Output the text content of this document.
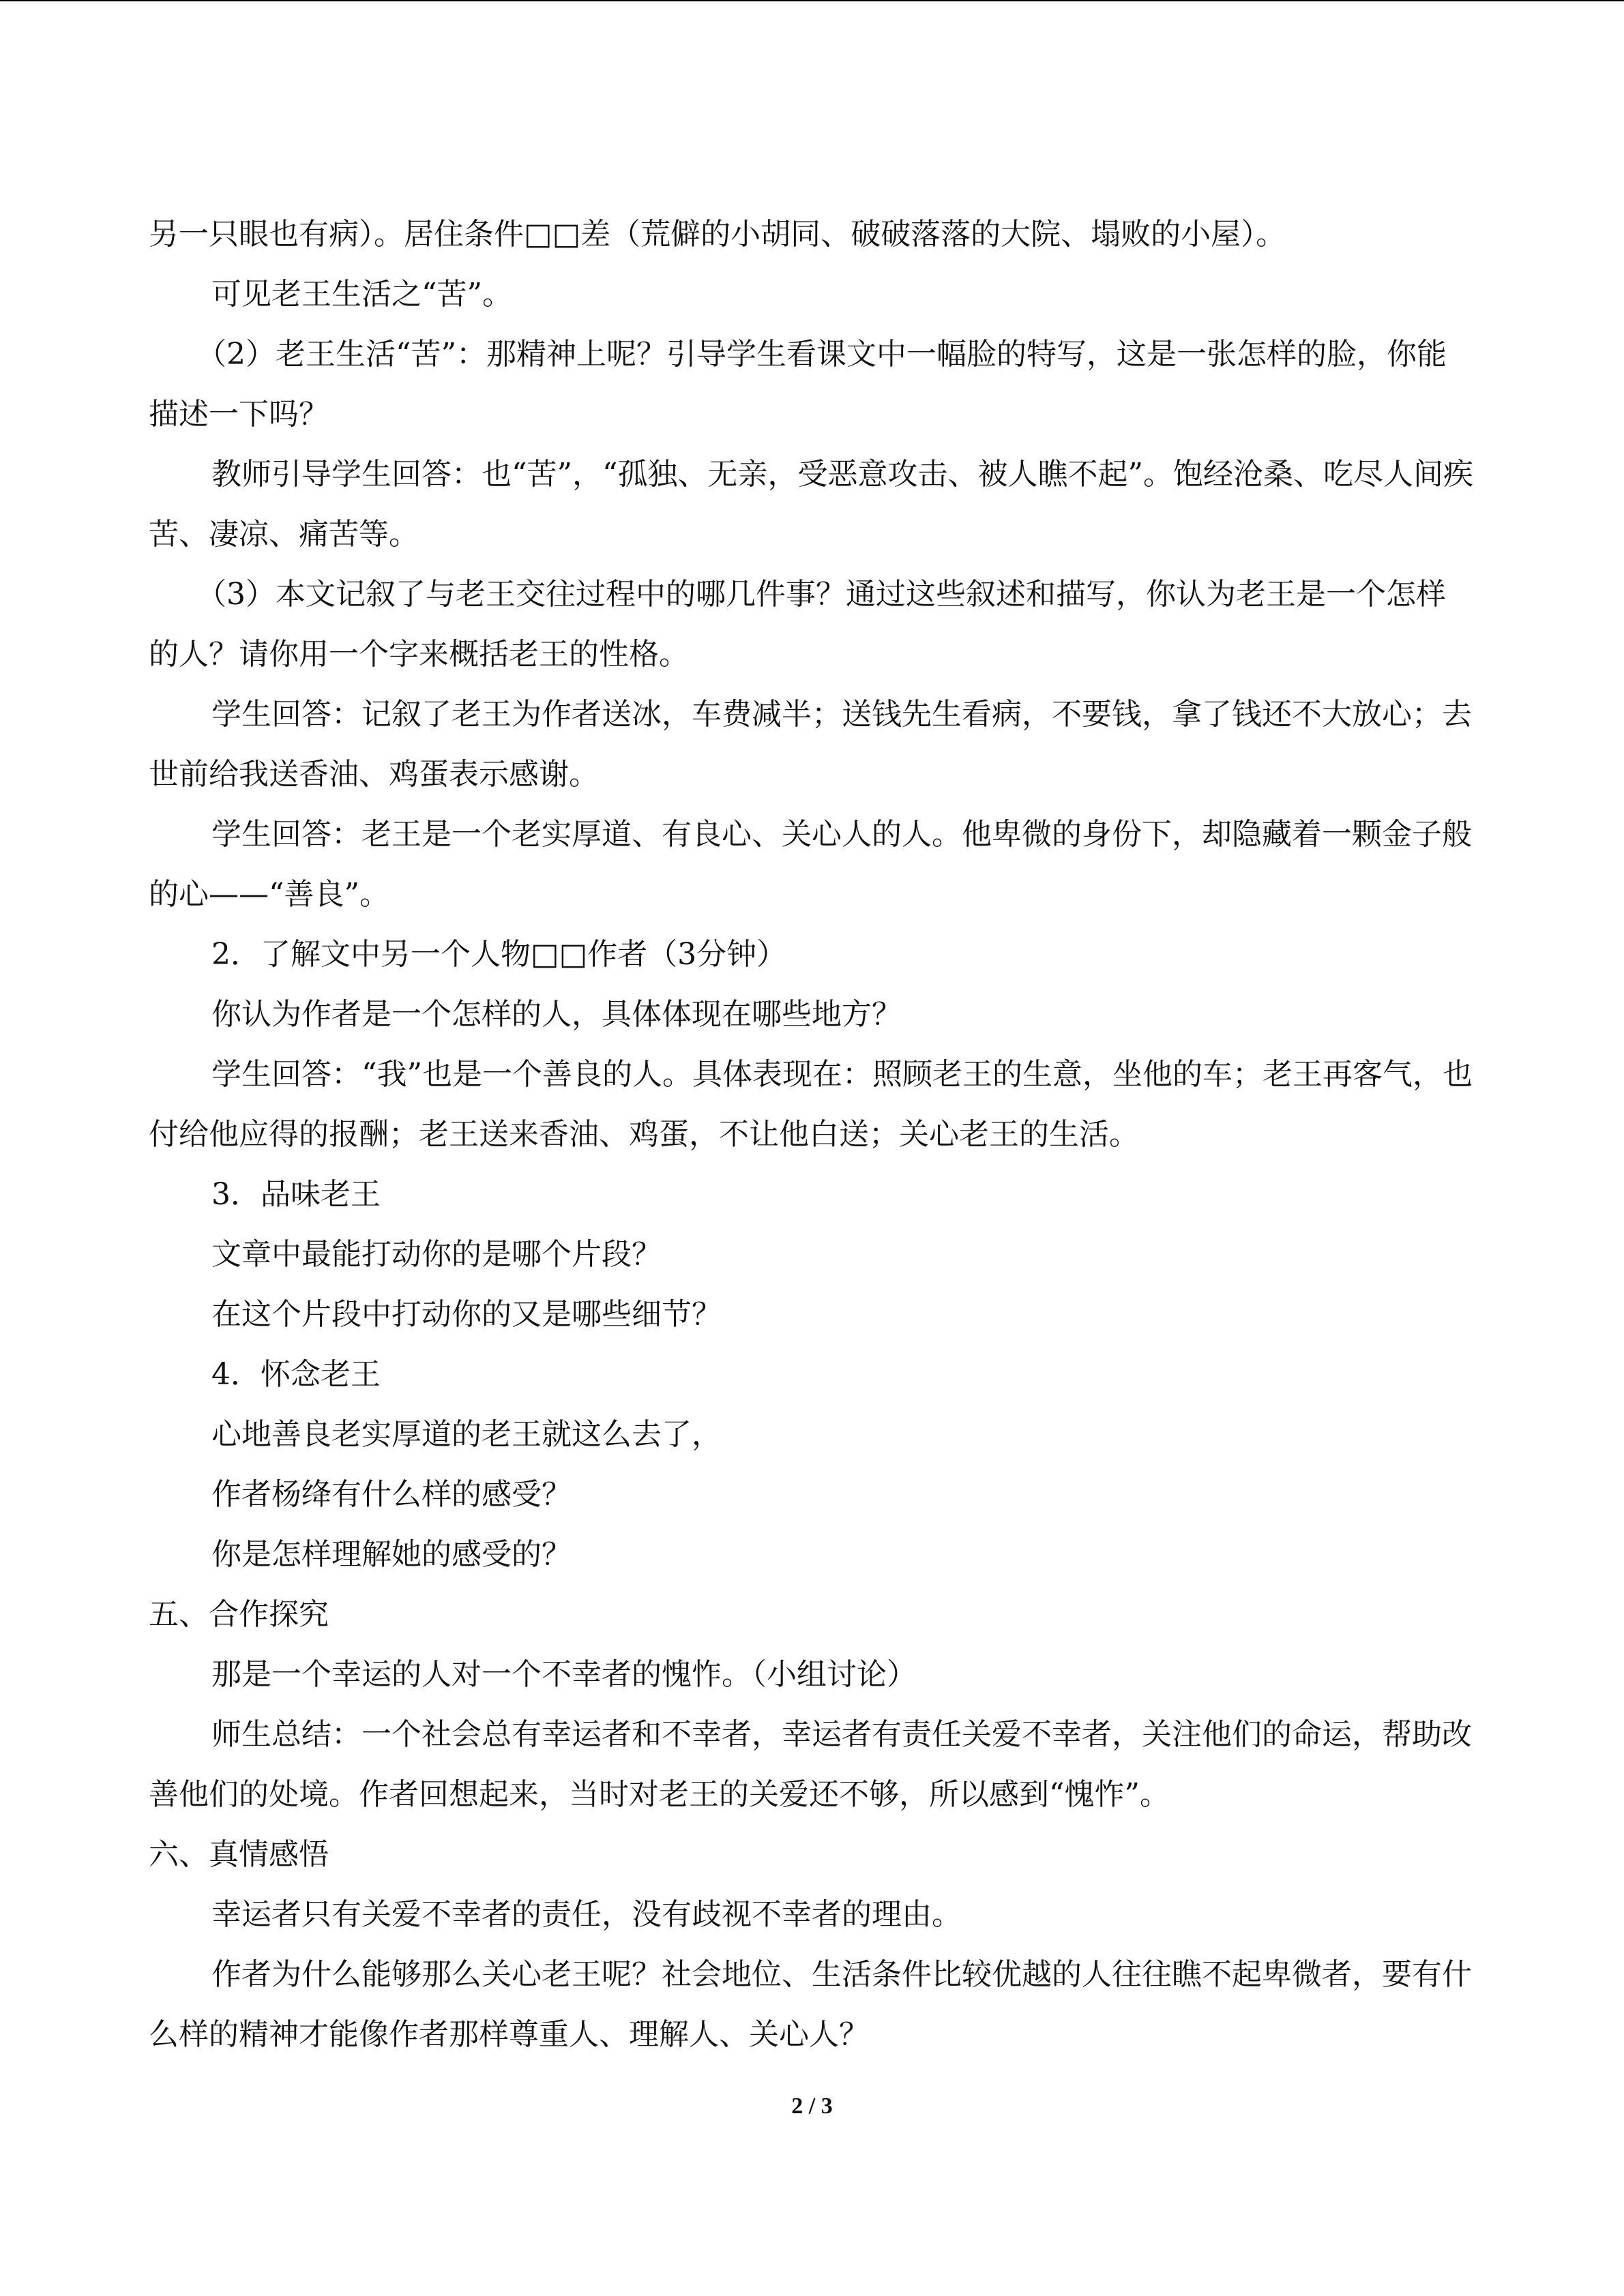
另一只眼也有病）。居住条件□□差（荒僻的小胡同、破破落落的大院、塌败的小屋）。

可见老王生活之“苦”。

（2）老王生活“苦”：那精神上呢？引导学生看课文中一幅脸的特写，这是一张怎样的脸，你能描述一下吗？

教师引导学生回答：也“苦”，“孤独、无亲，受恶意攻击、被人瞧不起”。饱经沧桑、吃尽人间疾苦、凄凉、痛苦等。

（3）本文记叙了与老王交往过程中的哪几件事？通过这些叙述和描写，你认为老王是一个怎样的人？请你用一个字来概括老王的性格。

学生回答：记叙了老王为作者送冰，车费减半；送钱先生看病，不要钱，拿了钱还不大放心；去世前给我送香油、鸡蛋表示感谢。

学生回答：老王是一个老实厚道、有良心、关心人的人。他卑微的身份下，却隐藏着一颗金子般的心——“善良”。

2．了解文中另一个人物□□作者（3分钟）

你认为作者是一个怎样的人，具体体现在哪些地方？

学生回答：“我”也是一个善良的人。具体表现在：照顾老王的生意，坐他的车；老王再客气，也付给他应得的报酬；老王送来香油、鸡蛋，不让他白送；关心老王的生活。

3．品味老王

文章中最能打动你的是哪个片段？

在这个片段中打动你的又是哪些细节？

4．怀念老王

心地善良老实厚道的老王就这么去了，

作者杨绛有什么样的感受？

你是怎样理解她的感受的？

五、合作探究

那是一个幸运的人对一个不幸者的愧怍。（小组讨论）

师生总结：一个社会总有幸运者和不幸者，幸运者有责任关爱不幸者，关注他们的命运，帮助改善他们的处境。作者回想起来，当时对老王的关爱还不够，所以感到“愧怍”。

六、真情感悟

幸运者只有关爱不幸者的责任，没有歧视不幸者的理由。

作者为什么能够那么关心老王呢？社会地位、生活条件比较优越的人往往瞧不起卑微者，要有什么样的精神才能像作者那样尊重人、理解人、关心人？

2 / 3
